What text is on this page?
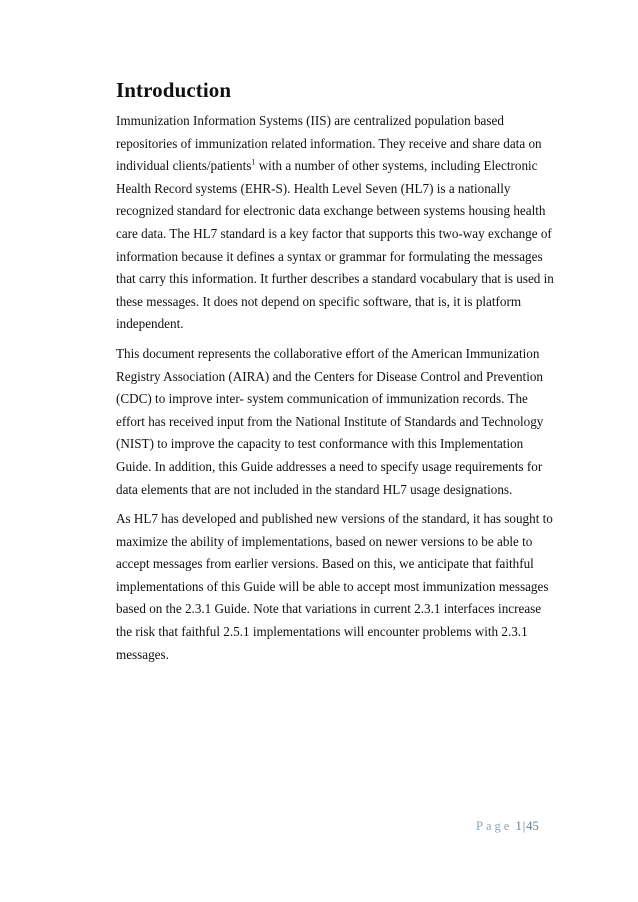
Introduction

Immunization Information Systems (IIS) are centralized population based
repositories of immunization related information. They receive and share data on
individual clients/patients$^1$ with a number of other systems, including Electronic
Health Record systems (EHR-S). Health Level Seven (HL7) is a nationally
recognized standard for electronic data exchange between systems housing health
care data. The HL7 standard is a key factor that supports this two-way exchange of
information because it defines a syntax or grammar for formulating the messages
that carry this information. It further describes a standard vocabulary that is used in
these messages. It does not depend on specific software, that is, it is platform
independent.

This document represents the collaborative effort of the American Immunization
Registry Association (AIRA) and the Centers for Disease Control and Prevention
(CDC) to improve inter- system communication of immunization records. The
effort has received input from the National Institute of Standards and Technology
(NIST) to improve the capacity to test conformance with this Implementation
Guide. In addition, this Guide addresses a need to specify usage requirements for
data elements that are not included in the standard HL7 usage designations.

As HL7 has developed and published new versions of the standard, it has sought to
maximize the ability of implementations, based on newer versions to be able to
accept messages from earlier versions. Based on this, we anticipate that faithful
implementations of this Guide will be able to accept most immunization messages
based on the 2.3.1 Guide. Note that variations in current 2.3.1 interfaces increase
the risk that faithful 2.5.1 implementations will encounter problems with 2.3.1
messages.

Page 1|45
